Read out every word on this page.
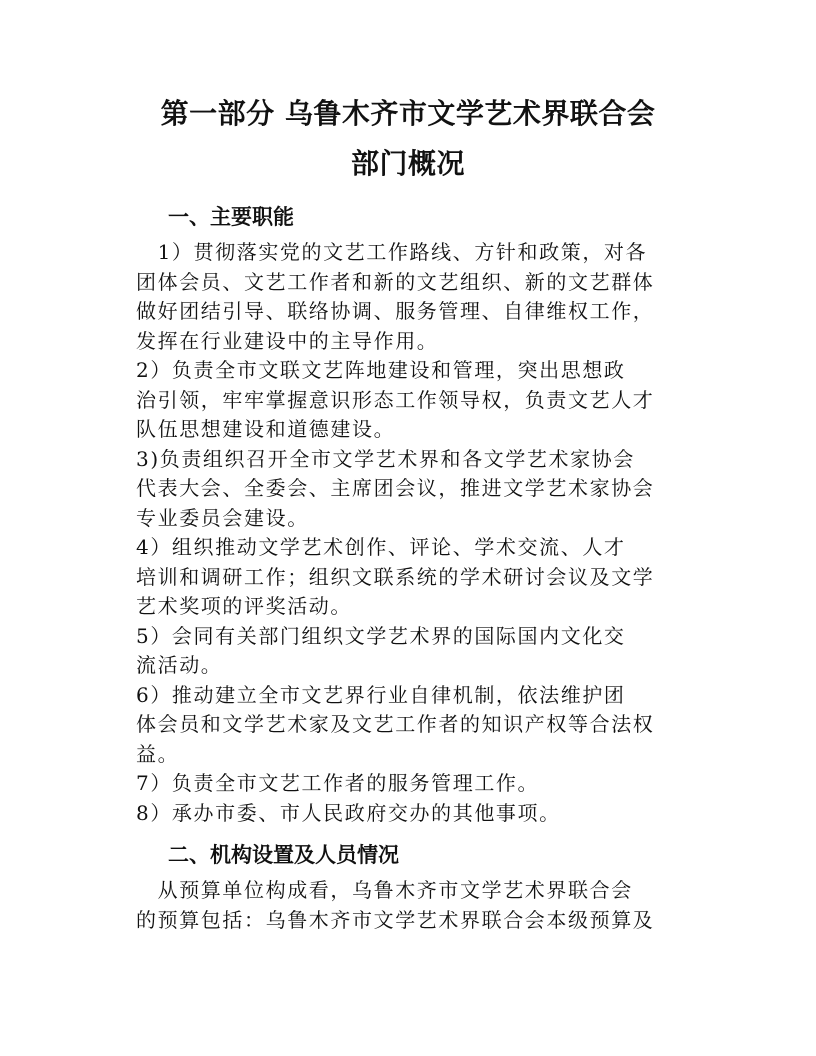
第一部分 乌鲁木齐市文学艺术界联合会
部门概况
一、主要职能

　1）贯彻落实党的文艺工作路线、方针和政策，对各

团体会员、文艺工作者和新的文艺组织、新的文艺群体

做好团结引导、联络协调、服务管理、自律维权工作，

发挥在行业建设中的主导作用。

2）负责全市文联文艺阵地建设和管理，突出思想政

治引领，牢牢掌握意识形态工作领导权，负责文艺人才

队伍思想建设和道德建设。

3)负责组织召开全市文学艺术界和各文学艺术家协会

代表大会、全委会、主席团会议，推进文学艺术家协会

专业委员会建设。

4）组织推动文学艺术创作、评论、学术交流、人才

培训和调研工作；组织文联系统的学术研讨会议及文学

艺术奖项的评奖活动。

5）会同有关部门组织文学艺术界的国际国内文化交

流活动。

6）推动建立全市文艺界行业自律机制，依法维护团

体会员和文学艺术家及文艺工作者的知识产权等合法权

益。

7）负责全市文艺工作者的服务管理工作。

8）承办市委、市人民政府交办的其他事项。

二、机构设置及人员情况

　从预算单位构成看，乌鲁木齐市文学艺术界联合会

的预算包括：乌鲁木齐市文学艺术界联合会本级预算及
